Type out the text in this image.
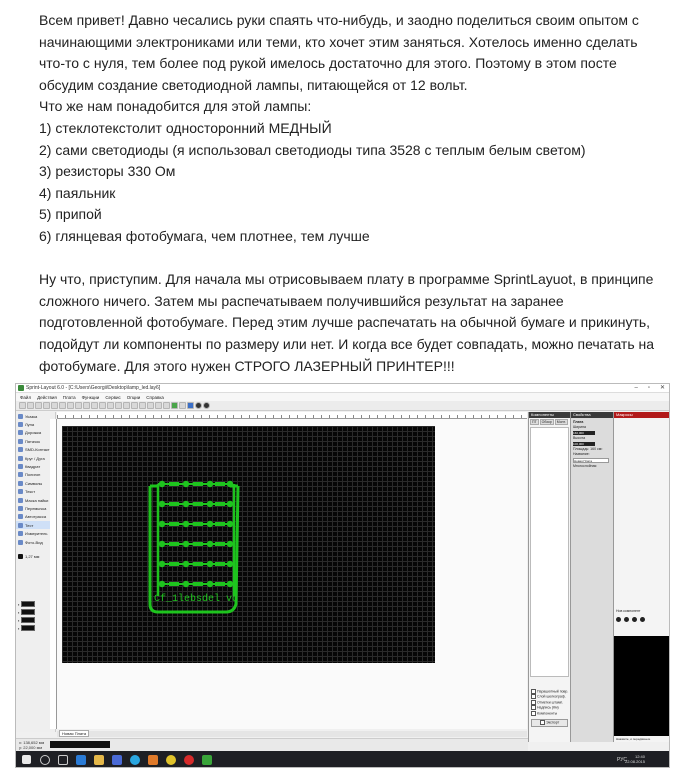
Всем привет! Давно чесались руки спаять что-нибудь, и заодно поделиться своим опытом с начинающими электрониками или теми, кто хочет этим заняться. Хотелось именно сделать что-то с нуля, тем более под рукой имелось достаточно для этого. Поэтому в этом посте обсудим создание светодиодной лампы, питающейся от 12 вольт.

Что же нам понадобится для этой лампы:

1) стеклотекстолит односторонний МЕДНЫЙ

2) сами светодиоды (я использовал светодиоды типа 3528 с теплым белым светом)

3) резисторы 330 Ом

4) паяльник

5) припой

6) глянцевая фотобумага, чем плотнее, тем лучше

Ну что, приступим. Для начала мы отрисовываем плату в программе SprintLayuot, в принципе сложного ничего. Затем мы распечатываем получившийся результат на заранее подготовленной фотобумаге. Перед этим лучше распечатать на обычной бумаге и прикинуть, подойдут ли компоненты по размеру или нет. И когда все будет совпадать, можно печатать на фотобумаге. Для этого нужен СТРОГО ЛАЗЕРНЫЙ ПРИНТЕР!!!

Sprint-Layout 6.0 - [C:\Users\Georgii\Desktop\lamp_led.lay6]	– ▫ ✕
Файл Действия Плата Функции Сервис Опции Справка
Указка
Лупа
Дорожка
Пятачок
SMD-Контакт
Круг / Дуга
Квадрат
Полигон
Символы
Текст
Маска пайки
Перемычка
Автотрасса
Тест
Измеритель
Фото-Вид
1,27 мм
▪
▪
▪
▪
Cf_1lebsdel vd
Новая Плата
x: 138,652 мм
y: 22,000 мм
Компоненты
ПТ	Обзор	Монт.
Парашютный повр.
Слой шелкограф.
Отметки штамп.
Надпись (Км)
Компоненты
Экспорт
Свойства
Плата
Ширина
160,000
Высота
100,000
Площадь: 160 см²
Название:
Новая Плата
Многослойная
Макросы
Нов компонент
Нажмите, и передвиньте
РУС
12:40
22.08.2015
